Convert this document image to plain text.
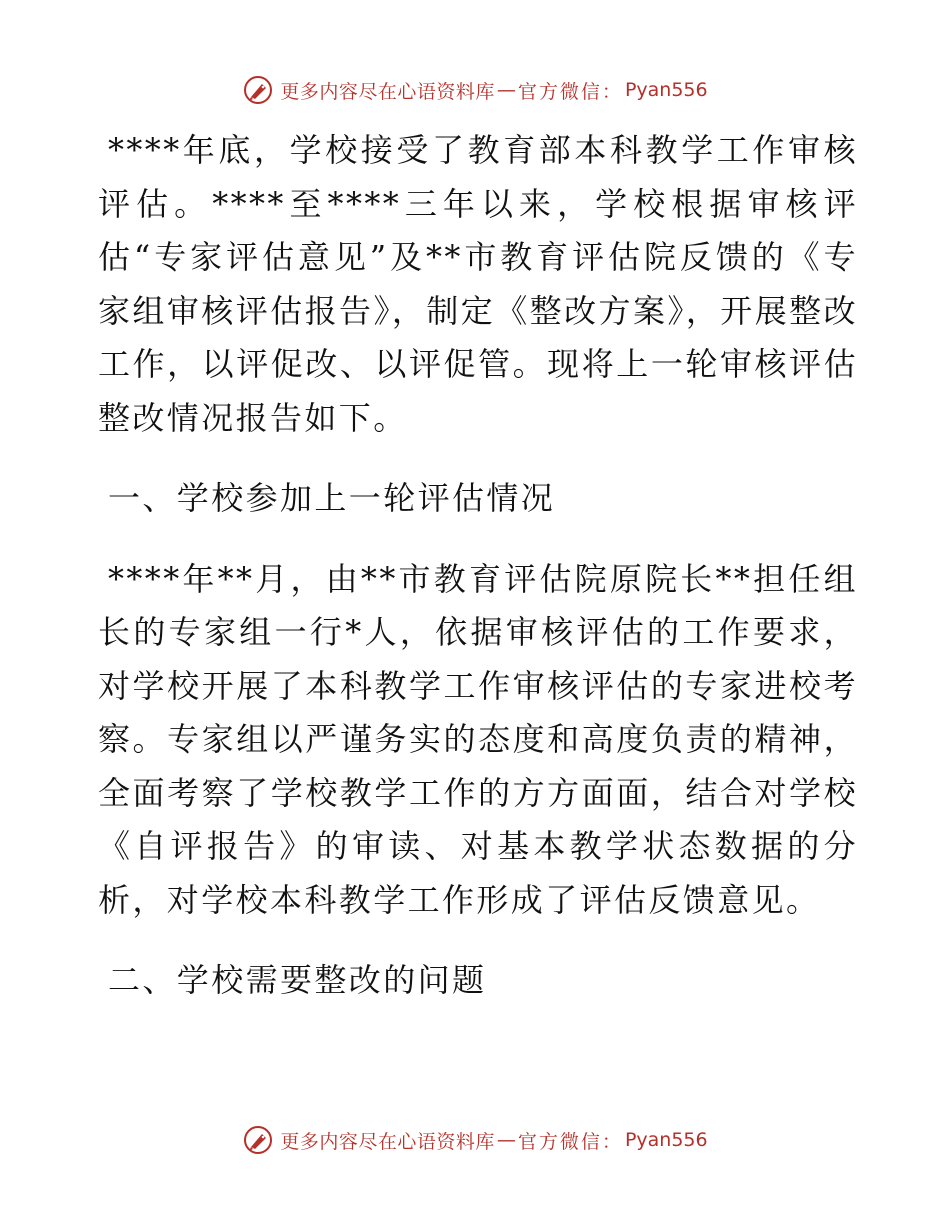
更多内容尽在心语资料库 — 官方微信： Pyan556

****年底，学校接受了教育部本科教学工作审核评估。****至****三年以来，学校根据审核评估“专家评估意见”及**市教育评估院反馈的《专家组审核评估报告》，制定《整改方案》，开展整改工作，以评促改、以评促管。现将上一轮审核评估整改情况报告如下。

一、学校参加上一轮评估情况

****年**月，由**市教育评估院原院长**担任组长的专家组一行*人，依据审核评估的工作要求，对学校开展了本科教学工作审核评估的专家进校考察。专家组以严谨务实的态度和高度负责的精神，全面考察了学校教学工作的方方面面，结合对学校《自评报告》的审读、对基本教学状态数据的分析，对学校本科教学工作形成了评估反馈意见。

二、学校需要整改的问题

更多内容尽在心语资料库 — 官方微信： Pyan556
